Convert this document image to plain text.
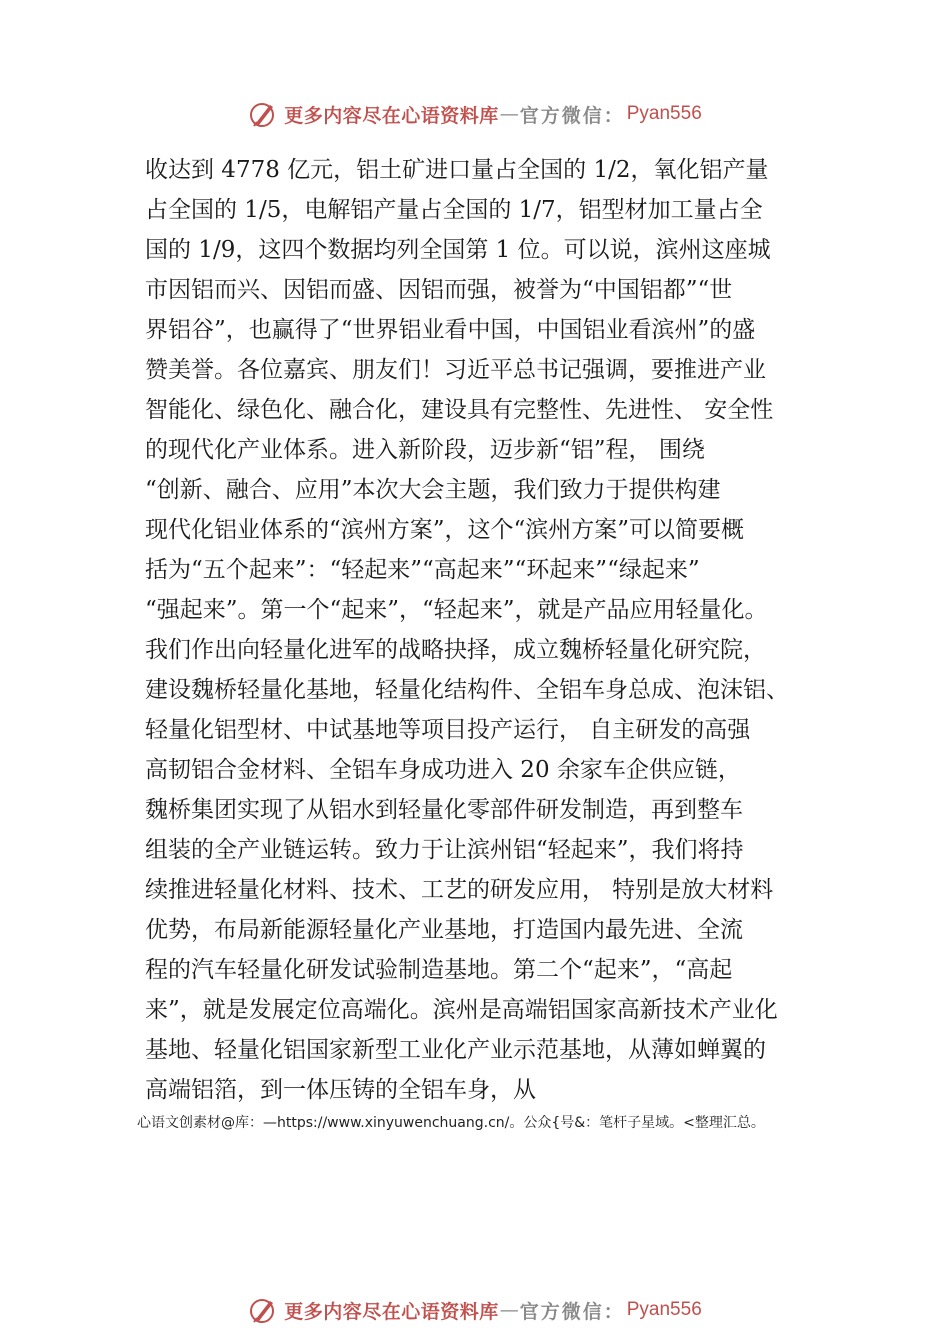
更多内容尽在心语资料库 — 官方微信： Pyan556
收达到 4778 亿元，铝土矿进口量占全国的 1/2，氧化铝产量
占全国的 1/5，电解铝产量占全国的 1/7，铝型材加工量占全
国的 1/9，这四个数据均列全国第 1 位。可以说，滨州这座城
市因铝而兴、因铝而盛、因铝而强，被誉为“中国铝都”“世
界铝谷”，也赢得了“世界铝业看中国，中国铝业看滨州”的盛
赞美誉。各位嘉宾、朋友们！习近平总书记强调，要推进产业
智能化、绿色化、融合化，建设具有完整性、先进性、 安全性
的现代化产业体系。进入新阶段，迈步新“铝”程， 围绕
“创新、融合、应用”本次大会主题，我们致力于提供构建
现代化铝业体系的“滨州方案”，这个“滨州方案”可以简要概
括为“五个起来”：“轻起来”“高起来”“环起来”“绿起来”
“强起来”。第一个“起来”，“轻起来”，就是产品应用轻量化。
我们作出向轻量化进军的战略抉择，成立魏桥轻量化研究院，
建设魏桥轻量化基地，轻量化结构件、全铝车身总成、泡沫铝、
轻量化铝型材、中试基地等项目投产运行， 自主研发的高强
高韧铝合金材料、全铝车身成功进入 20 余家车企供应链，
魏桥集团实现了从铝水到轻量化零部件研发制造，再到整车
组装的全产业链运转。致力于让滨州铝“轻起来”，我们将持
续推进轻量化材料、技术、工艺的研发应用， 特别是放大材料
优势，布局新能源轻量化产业基地，打造国内最先进、全流
程的汽车轻量化研发试验制造基地。第二个“起来”，“高起
来”，就是发展定位高端化。滨州是高端铝国家高新技术产业化
基地、轻量化铝国家新型工业化产业示范基地，从薄如蝉翼的
高端铝箔，到一体压铸的全铝车身，从
心语文创素材@库：—https://www.xinyuwenchuang.cn/。公众{号&：笔杆子星域。<整理汇总。
更多内容尽在心语资料库 — 官方微信： Pyan556
